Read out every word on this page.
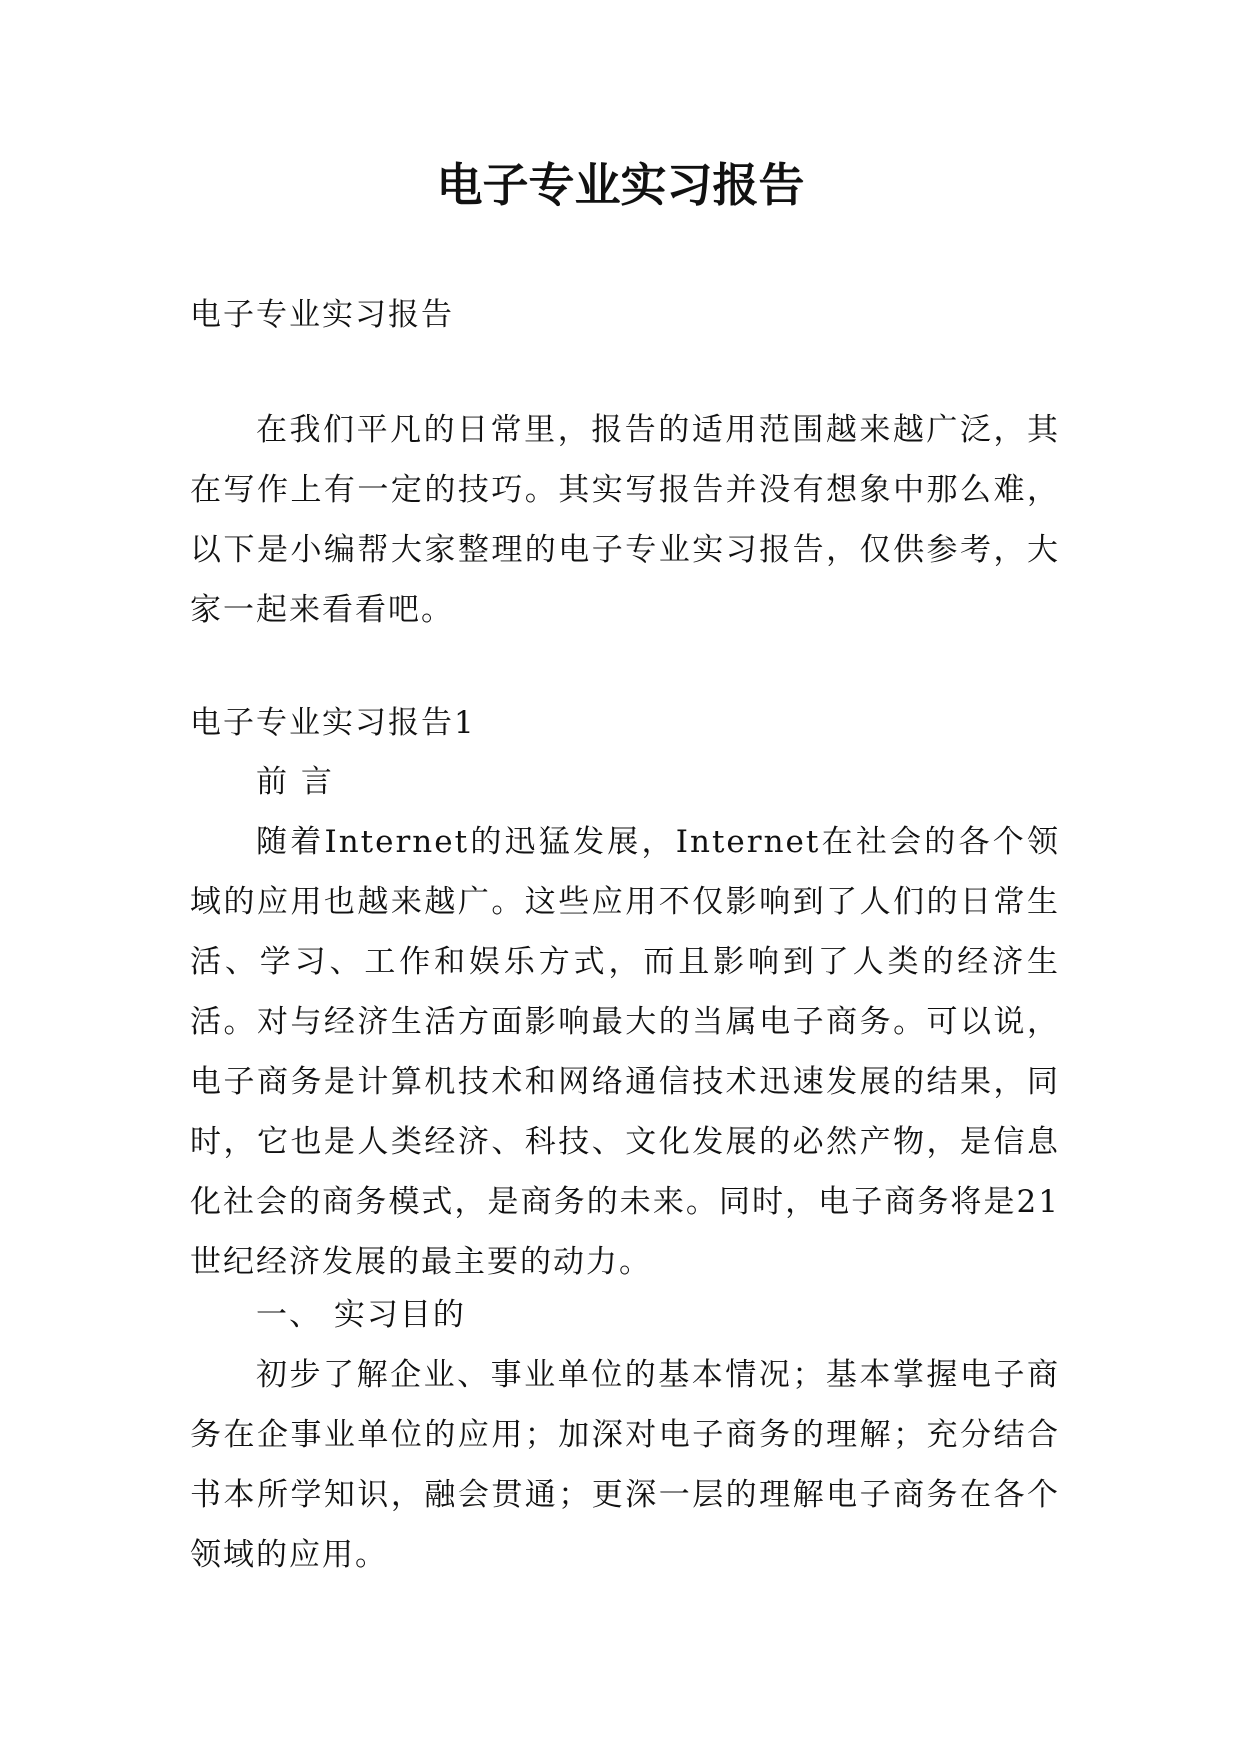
电子专业实习报告

电子专业实习报告

在我们平凡的日常里，报告的适用范围越来越广泛，其在写作上有一定的技巧。其实写报告并没有想象中那么难，以下是小编帮大家整理的电子专业实习报告，仅供参考，大家一起来看看吧。

电子专业实习报告1

前 言

随着Internet的迅猛发展，Internet在社会的各个领域的应用也越来越广。这些应用不仅影响到了人们的日常生活、学习、工作和娱乐方式，而且影响到了人类的经济生活。对与经济生活方面影响最大的当属电子商务。可以说，电子商务是计算机技术和网络通信技术迅速发展的结果，同时，它也是人类经济、科技、文化发展的必然产物，是信息化社会的商务模式，是商务的未来。同时，电子商务将是21世纪经济发展的最主要的动力。

一、 实习目的

初步了解企业、事业单位的基本情况；基本掌握电子商务在企事业单位的应用；加深对电子商务的理解；充分结合书本所学知识，融会贯通；更深一层的理解电子商务在各个领域的应用。
